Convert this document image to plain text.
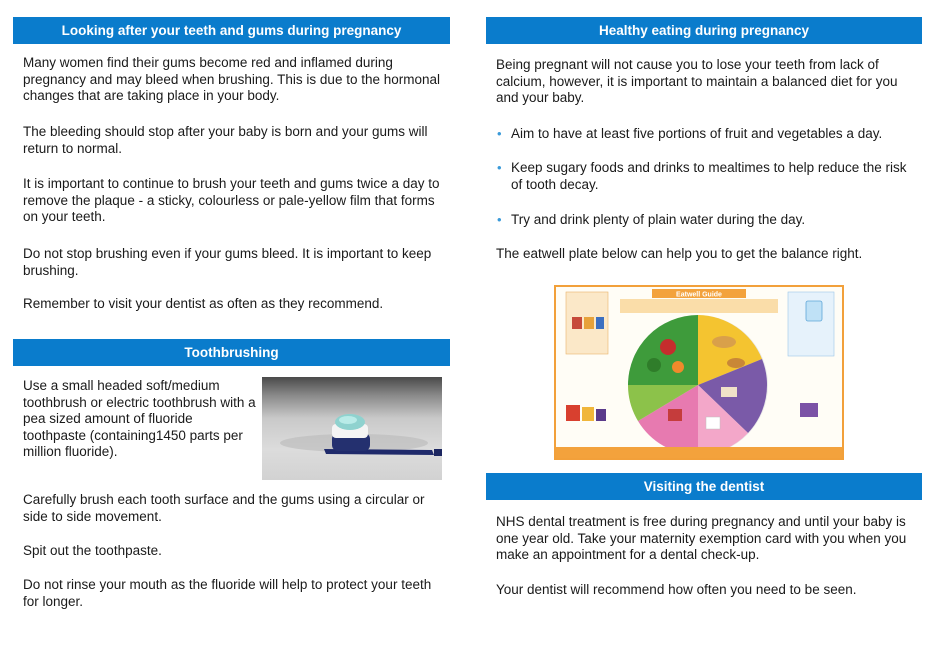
Looking after your teeth and gums during pregnancy

Many women find their gums become red and inflamed during pregnancy and may bleed when brushing. This is due to the hormonal changes that are taking place in your body.

The bleeding should stop after your baby is born and your gums will return to normal.

It is important to continue to brush your teeth and gums twice a day to remove the plaque - a sticky, colourless or pale-yellow film that forms on your teeth.

Do not stop brushing even if your gums bleed. It is important to keep brushing.

Remember to visit your dentist as often as they recommend.

Toothbrushing

Use a small headed soft/medium toothbrush or electric toothbrush with a pea sized amount of fluoride toothpaste (containing1450 parts per million fluoride).

Carefully brush each tooth surface and the gums using a circular or side to side movement.

Spit out the toothpaste.

Do not rinse your mouth as the fluoride will help to protect your teeth for longer.

Healthy eating during pregnancy

Being pregnant will not cause you to lose your teeth from lack of calcium, however, it is important to maintain a balanced diet for you and your baby.

• Aim to have at least five portions of fruit and vegetables a day.
• Keep sugary foods and drinks to mealtimes to help reduce the risk of tooth decay.
• Try and drink plenty of plain water during the day.

The eatwell plate below can help you to get the balance right.

Eatwell Guide
Visiting the dentist

NHS dental treatment is free during pregnancy and until your baby is one year old. Take your maternity exemption card with you when you make an appointment for a dental check-up.

Your dentist will recommend how often you need to be seen.
